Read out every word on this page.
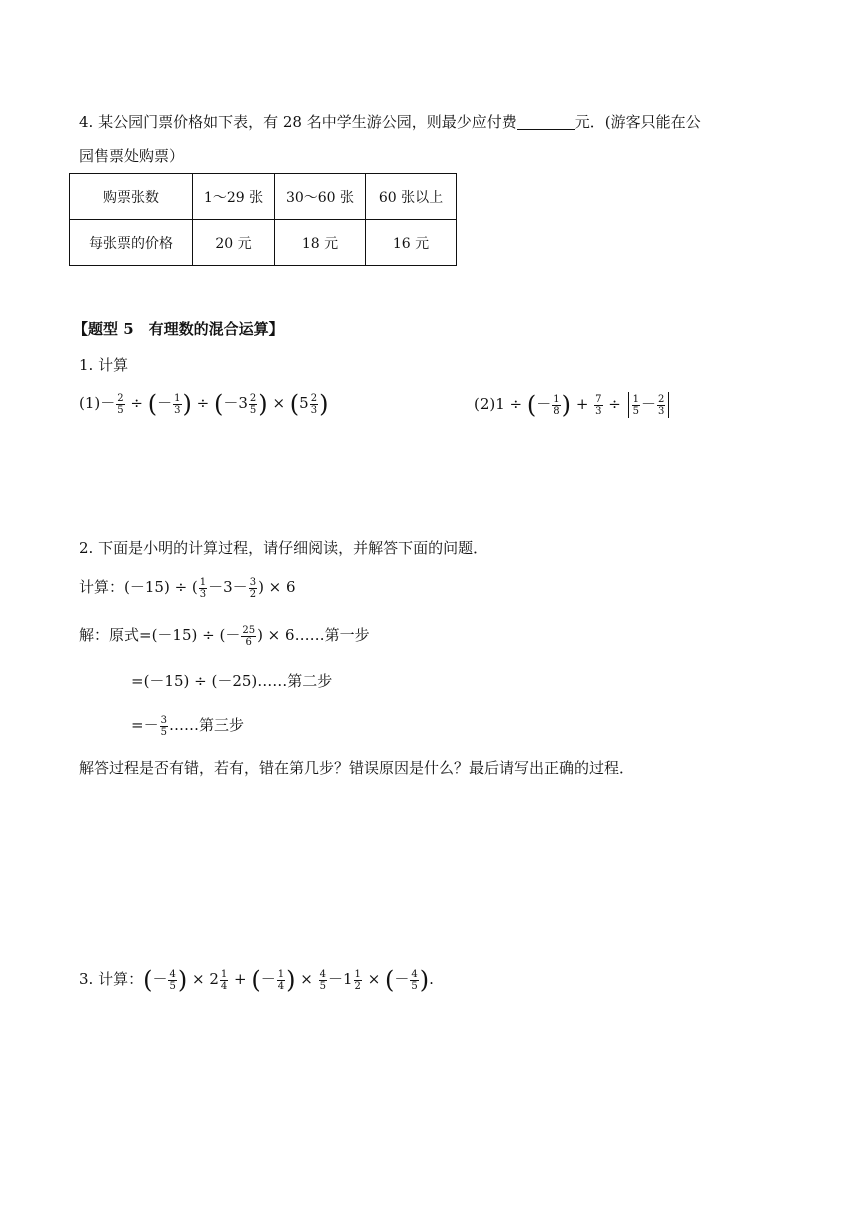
4. 某公园门票价格如下表，有 28 名中学生游公园，则最少应付费	元．(游客只能在公
园售票处购票）
购票张数	1～29 张	30～60 张	60 张以上
每张票的价格	20 元	18 元	16 元
【题型 5　有理数的混合运算】
1. 计算
$(1)- \frac{2}{5}$ ÷ (－ $\frac{1}{3}$ ) ÷ ($-3 \frac{2}{5}$ ) × ($5 \frac{2}{3}$ )	(2)1 ÷ (－ $\frac{1}{8}$ ) + $\frac{7}{3} \div \frac{1}{5} - \frac{2}{3}$
2. 下面是小明的计算过程，请仔细阅读，并解答下面的问题．
计算：(－15) ÷ ( $\frac{1}{3} -3- \frac{3}{2}$ ) × 6
解：原式=(－15) ÷ (－ $\frac{25}{6}$ ) × 6……第一步
=(－15) ÷ (－25)……第二步
=－ $\frac{3}{5}$ ……第三步
解答过程是否有错，若有，错在第几步？错误原因是什么？最后请写出正确的过程．
3. 计算：(－ $\frac{4}{5}$ ) × $2 \frac{1}{4}$ + (－ $\frac{1}{4}$ ) × $\frac{4}{5} -1 \frac{1}{2}$ × (－ $\frac{4}{5}$ ).
